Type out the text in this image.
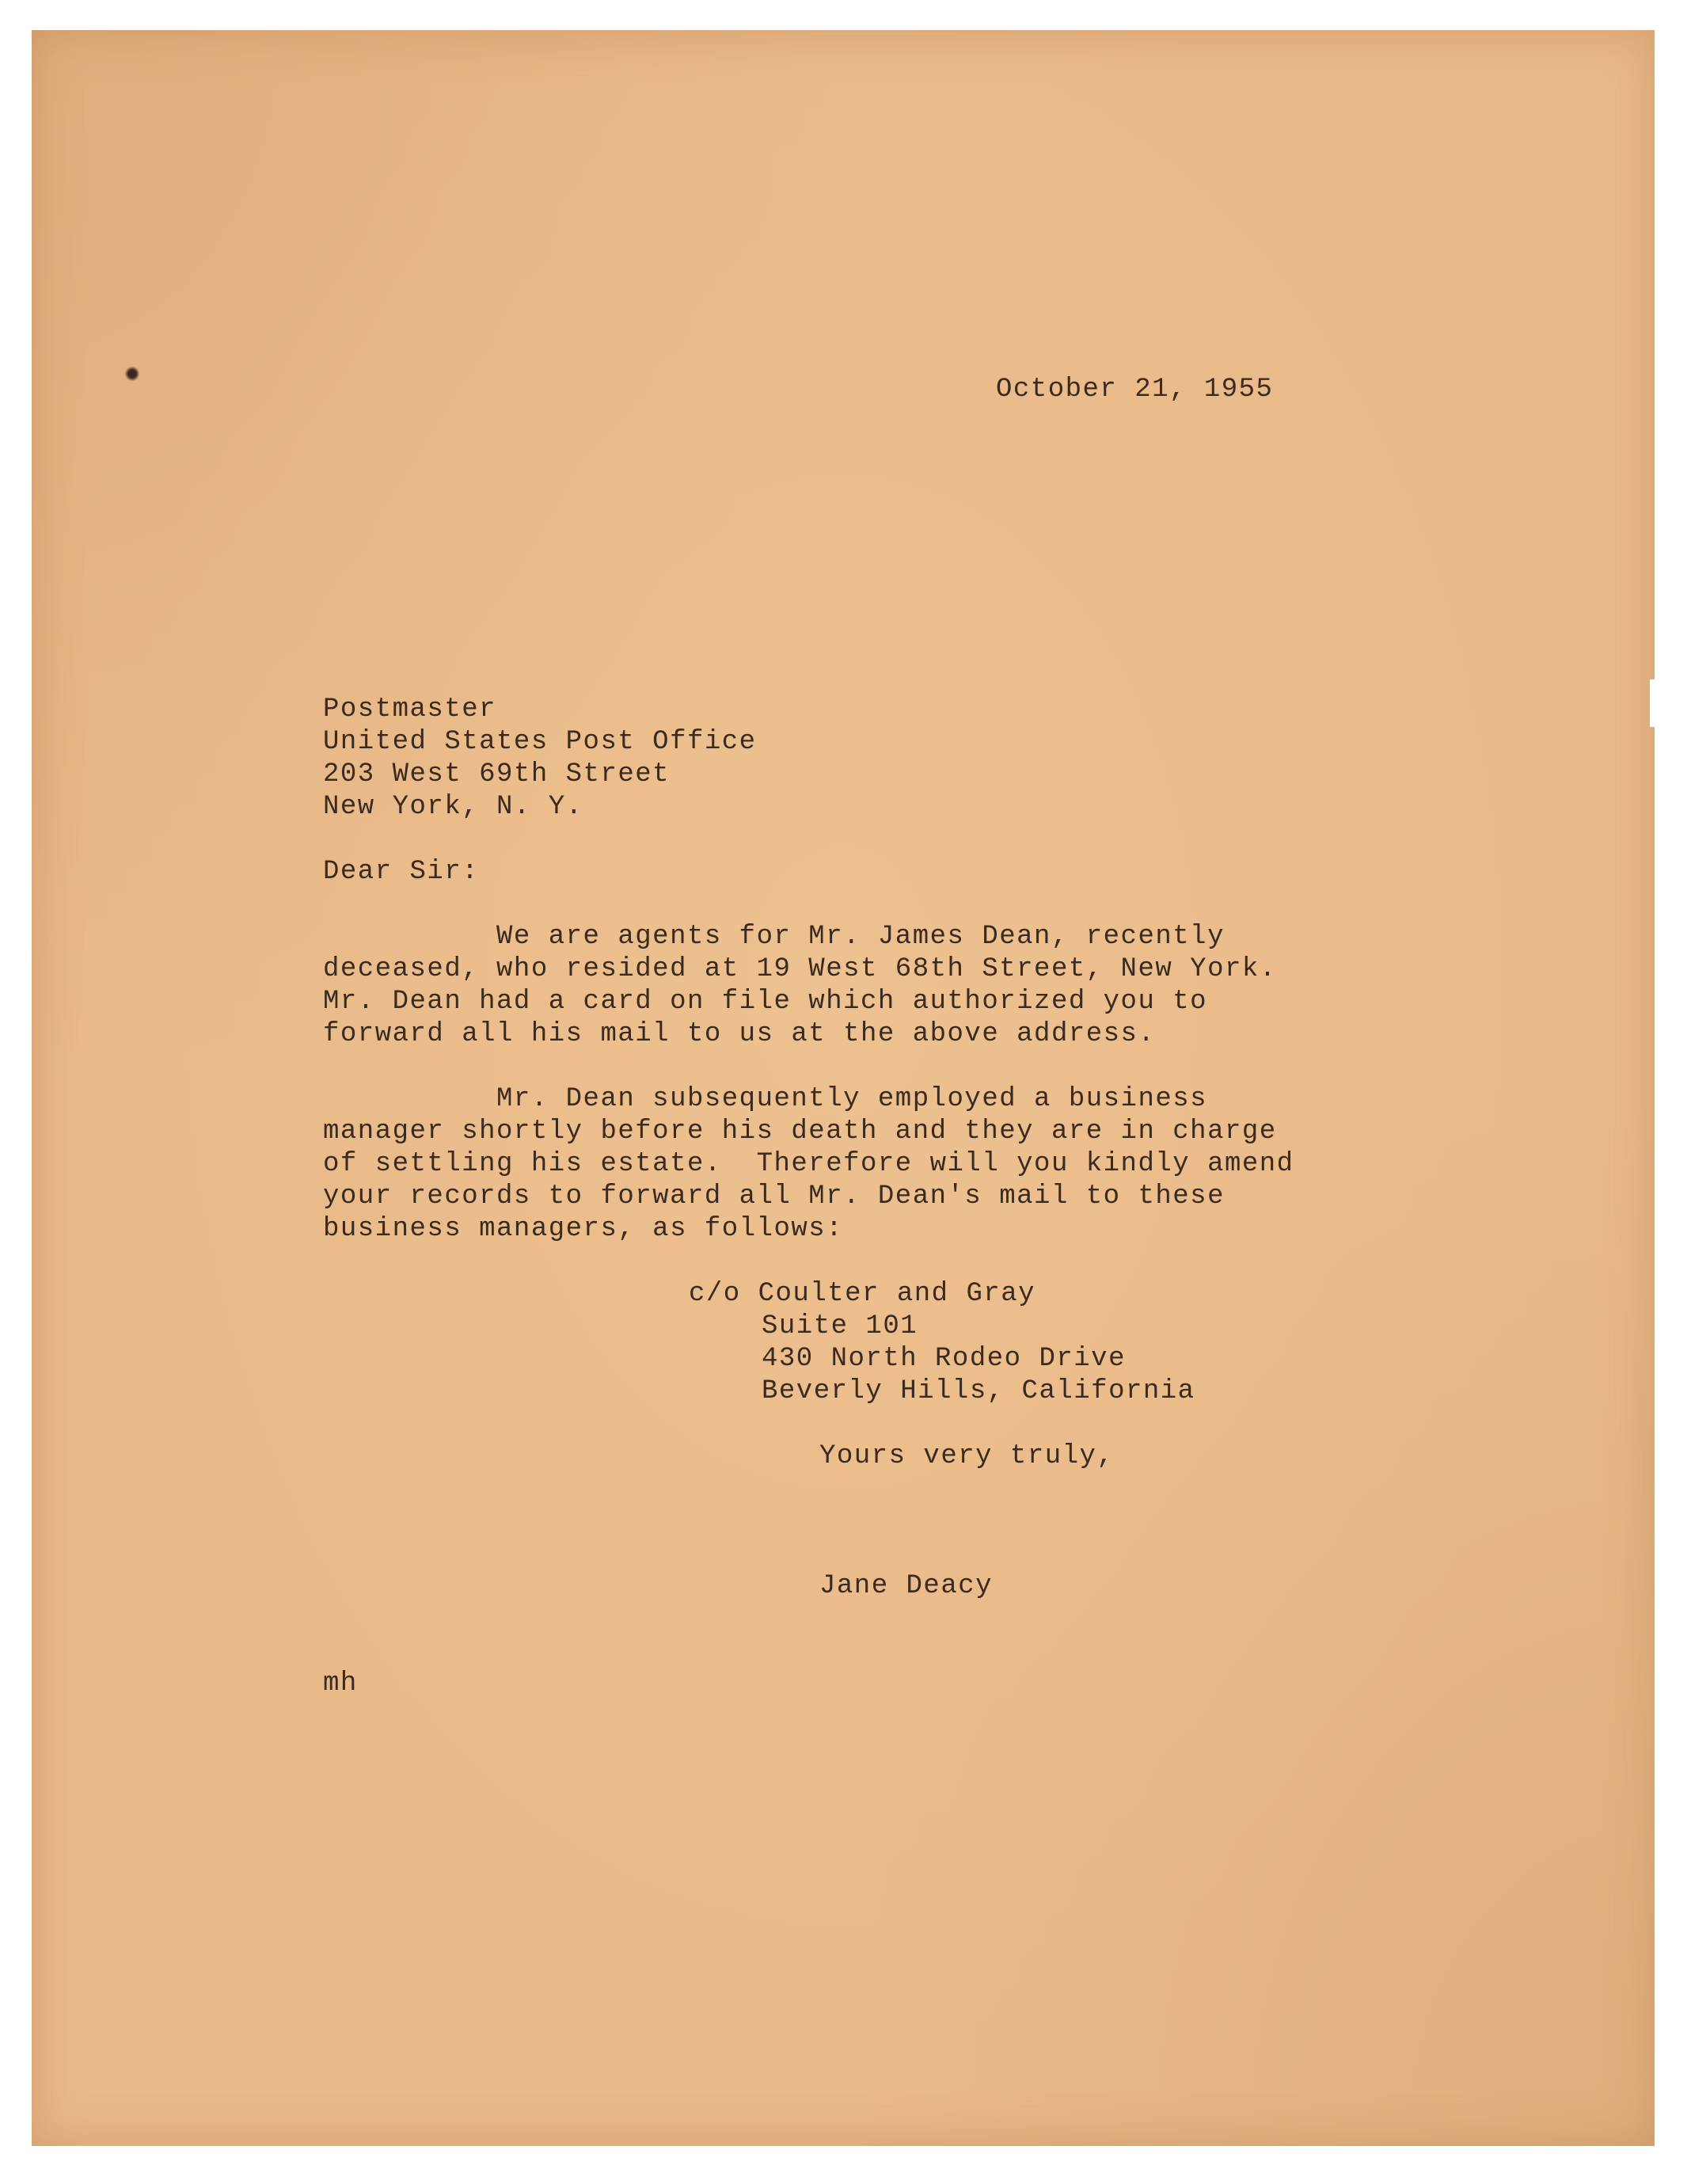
October 21, 1955
Postmaster
United States Post Office
203 West 69th Street
New York, N. Y.
Dear Sir:
We are agents for Mr. James Dean, recently
deceased, who resided at 19 West 68th Street, New York.
Mr. Dean had a card on file which authorized you to
forward all his mail to us at the above address.
Mr. Dean subsequently employed a business
manager shortly before his death and they are in charge
of settling his estate.  Therefore will you kindly amend
your records to forward all Mr. Dean's mail to these
business managers, as follows:
c/o Coulter and Gray
Suite 101
430 North Rodeo Drive
Beverly Hills, California
Yours very truly,
Jane Deacy
mh
